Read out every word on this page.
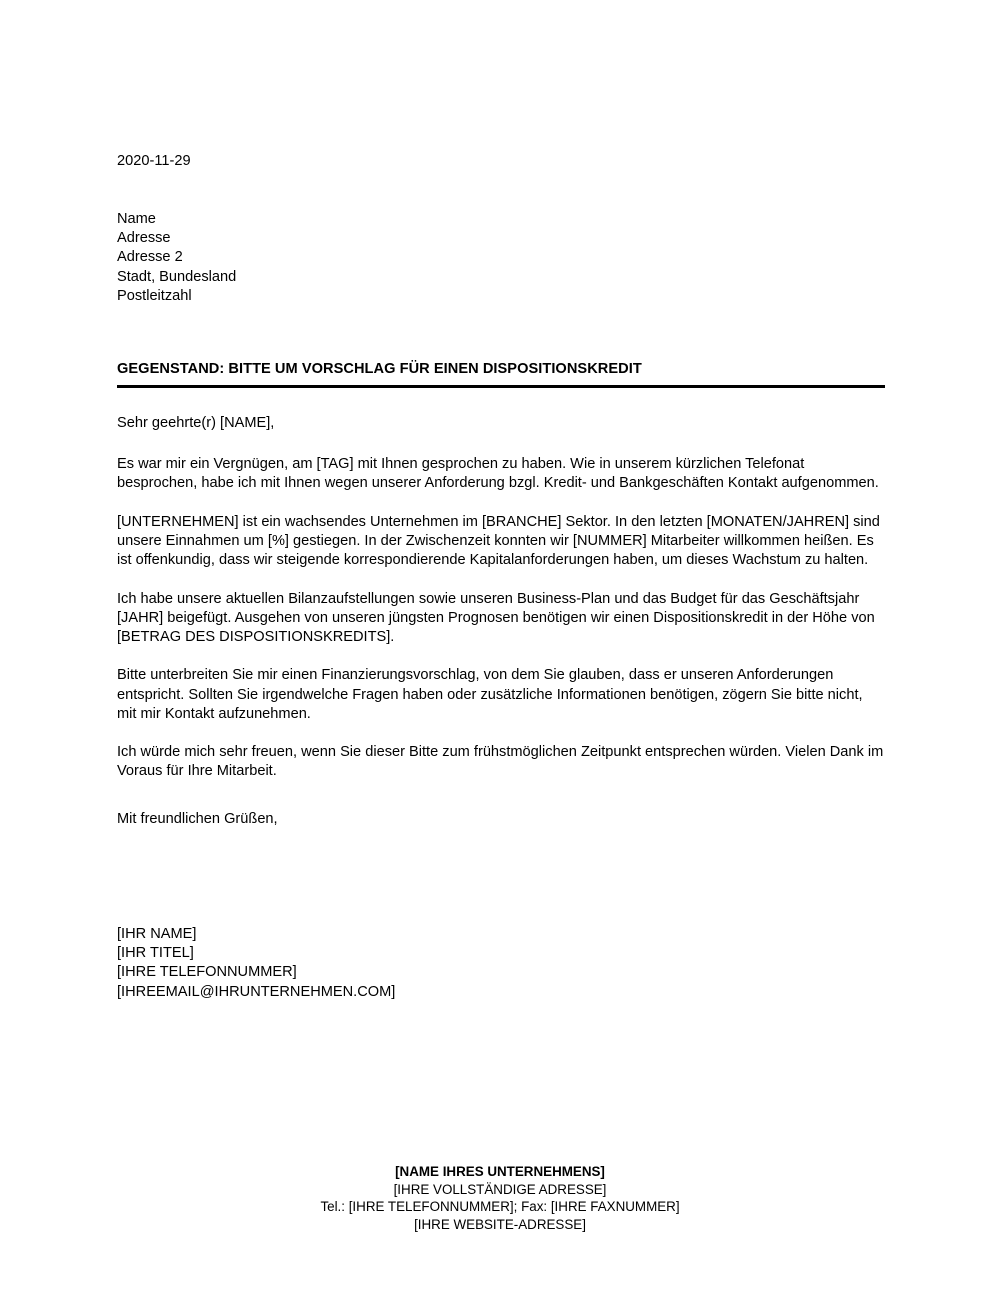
2020-11-29
Name
Adresse
Adresse 2
Stadt, Bundesland
Postleitzahl
GEGENSTAND: BITTE UM VORSCHLAG FÜR EINEN DISPOSITIONSKREDIT

Sehr geehrte(r) [NAME],

Es war mir ein Vergnügen, am [TAG] mit Ihnen gesprochen zu haben. Wie in unserem kürzlichen Telefonat besprochen, habe ich mit Ihnen wegen unserer Anforderung bzgl. Kredit- und Bankgeschäften Kontakt aufgenommen.

[UNTERNEHMEN] ist ein wachsendes Unternehmen im [BRANCHE] Sektor. In den letzten [MONATEN/JAHREN] sind unsere Einnahmen um [%] gestiegen. In der Zwischenzeit konnten wir [NUMMER] Mitarbeiter willkommen heißen. Es ist offenkundig, dass wir steigende korrespondierende Kapitalanforderungen haben, um dieses Wachstum zu halten.

Ich habe unsere aktuellen Bilanzaufstellungen sowie unseren Business-Plan und das Budget für das Geschäftsjahr [JAHR] beigefügt. Ausgehen von unseren jüngsten Prognosen benötigen wir einen Dispositionskredit in der Höhe von [BETRAG DES DISPOSITIONSKREDITS].

Bitte unterbreiten Sie mir einen Finanzierungsvorschlag, von dem Sie glauben, dass er unseren Anforderungen entspricht. Sollten Sie irgendwelche Fragen haben oder zusätzliche Informationen benötigen, zögern Sie bitte nicht, mit mir Kontakt aufzunehmen.

Ich würde mich sehr freuen, wenn Sie dieser Bitte zum frühstmöglichen Zeitpunkt entsprechen würden. Vielen Dank im Voraus für Ihre Mitarbeit.

Mit freundlichen Grüßen,

[IHR NAME]
[IHR TITEL]
[IHRE TELEFONNUMMER]
[IHREEMAIL@IHRUNTERNEHMEN.COM]
[NAME IHRES UNTERNEHMENS]
[IHRE VOLLSTÄNDIGE ADRESSE]
Tel.: [IHRE TELEFONNUMMER]; Fax: [IHRE FAXNUMMER]
[IHRE WEBSITE-ADRESSE]
